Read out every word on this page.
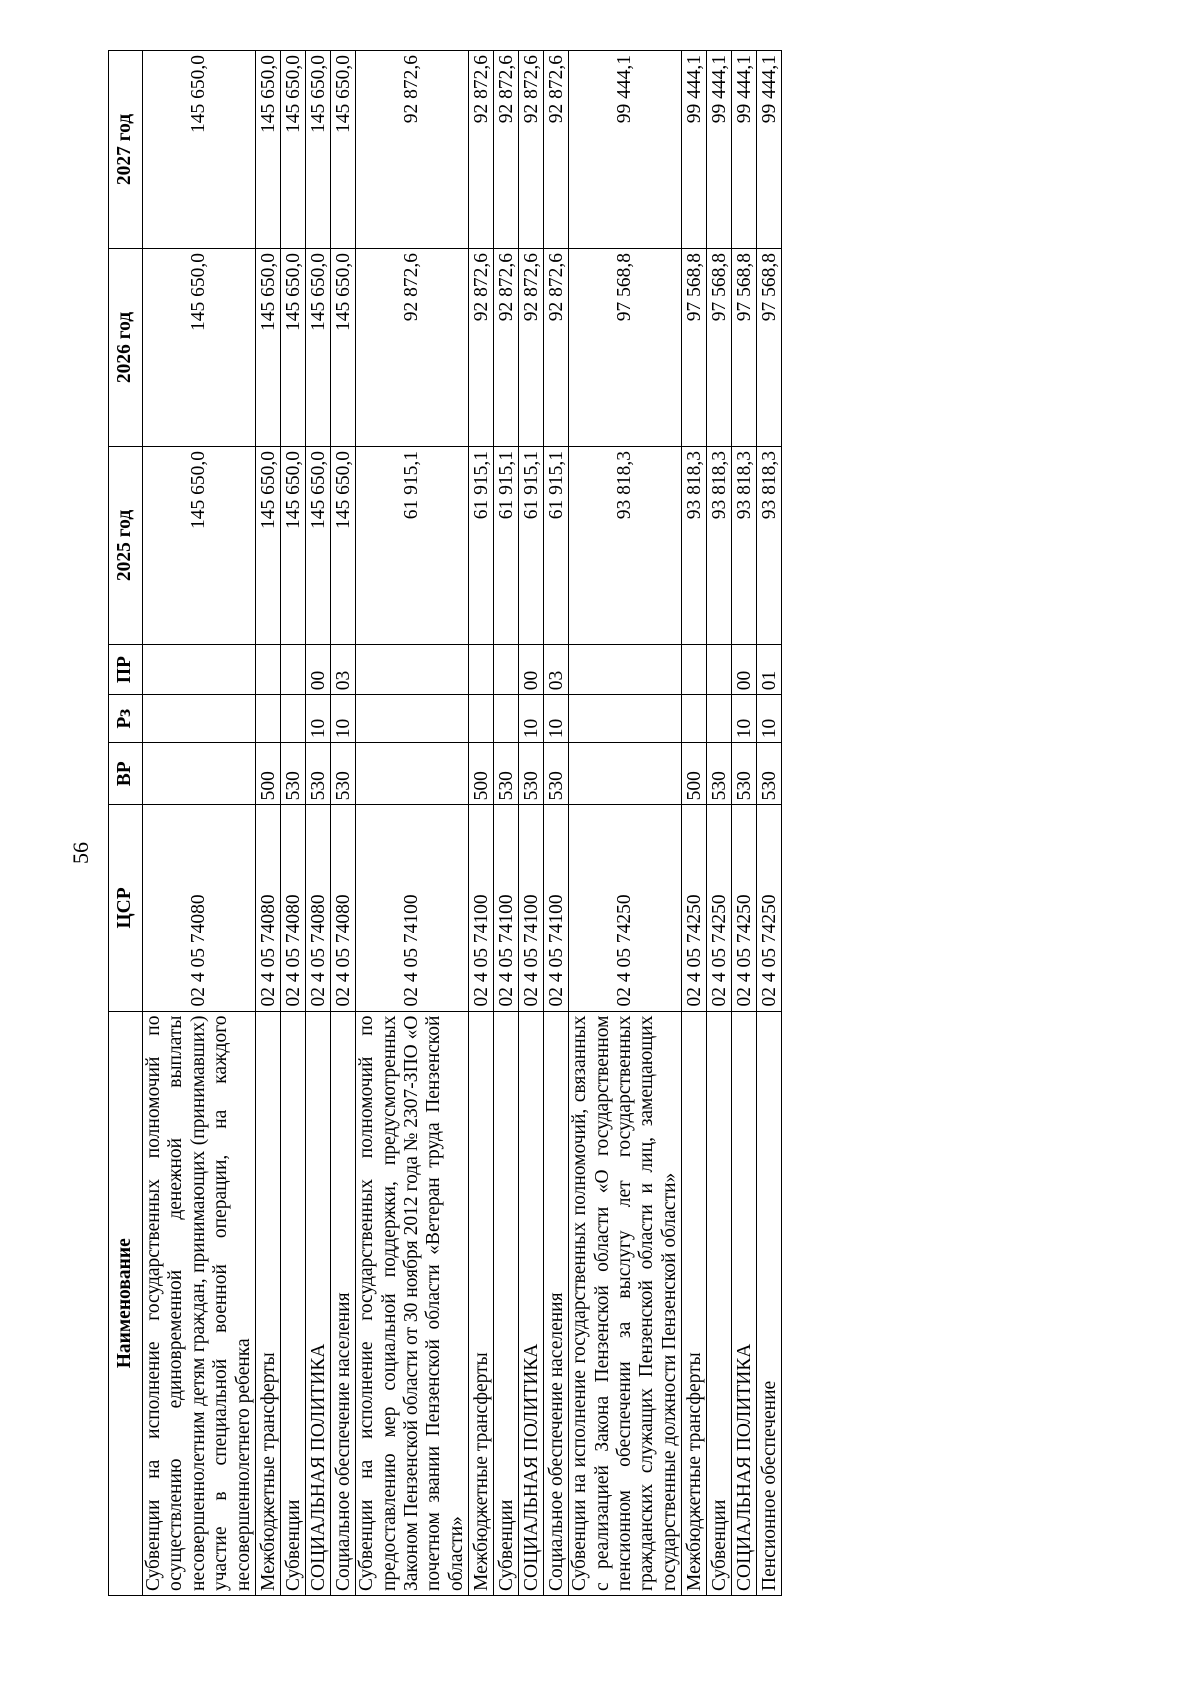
56
Наименование	ЦСР	ВР	Рз	ПР	2025 год	2026 год	2027 год
Субвенции на исполнение государственных полномочий по осуществлению единовременной денежной выплаты несовершеннолетним детям граждан, принимающих (принимавших) участие в специальной военной операции, на каждого несовершеннолетнего ребенка	02 4 05 74080				145 650,0	145 650,0	145 650,0
Межбюджетные трансферты	02 4 05 74080	500			145 650,0	145 650,0	145 650,0
Субвенции	02 4 05 74080	530			145 650,0	145 650,0	145 650,0
СОЦИАЛЬНАЯ ПОЛИТИКА	02 4 05 74080	530	10	00	145 650,0	145 650,0	145 650,0
Социальное обеспечение населения	02 4 05 74080	530	10	03	145 650,0	145 650,0	145 650,0
Субвенции на исполнение государственных полномочий по предоставлению мер социальной поддержки, предусмотренных Законом Пензенской области от 30 ноября 2012 года № 2307-ЗПО «О почетном звании Пензенской области «Ветеран труда Пензенской области»	02 4 05 74100				61 915,1	92 872,6	92 872,6
Межбюджетные трансферты	02 4 05 74100	500			61 915,1	92 872,6	92 872,6
Субвенции	02 4 05 74100	530			61 915,1	92 872,6	92 872,6
СОЦИАЛЬНАЯ ПОЛИТИКА	02 4 05 74100	530	10	00	61 915,1	92 872,6	92 872,6
Социальное обеспечение населения	02 4 05 74100	530	10	03	61 915,1	92 872,6	92 872,6
Субвенции на исполнение государственных полномочий, связанных с реализацией Закона Пензенской области «О государственном пенсионном обеспечении за выслугу лет государственных гражданских служащих Пензенской области и лиц, замещающих государственные должности Пензенской области»	02 4 05 74250				93 818,3	97 568,8	99 444,1
Межбюджетные трансферты	02 4 05 74250	500			93 818,3	97 568,8	99 444,1
Субвенции	02 4 05 74250	530			93 818,3	97 568,8	99 444,1
СОЦИАЛЬНАЯ ПОЛИТИКА	02 4 05 74250	530	10	00	93 818,3	97 568,8	99 444,1
Пенсионное обеспечение	02 4 05 74250	530	10	01	93 818,3	97 568,8	99 444,1
